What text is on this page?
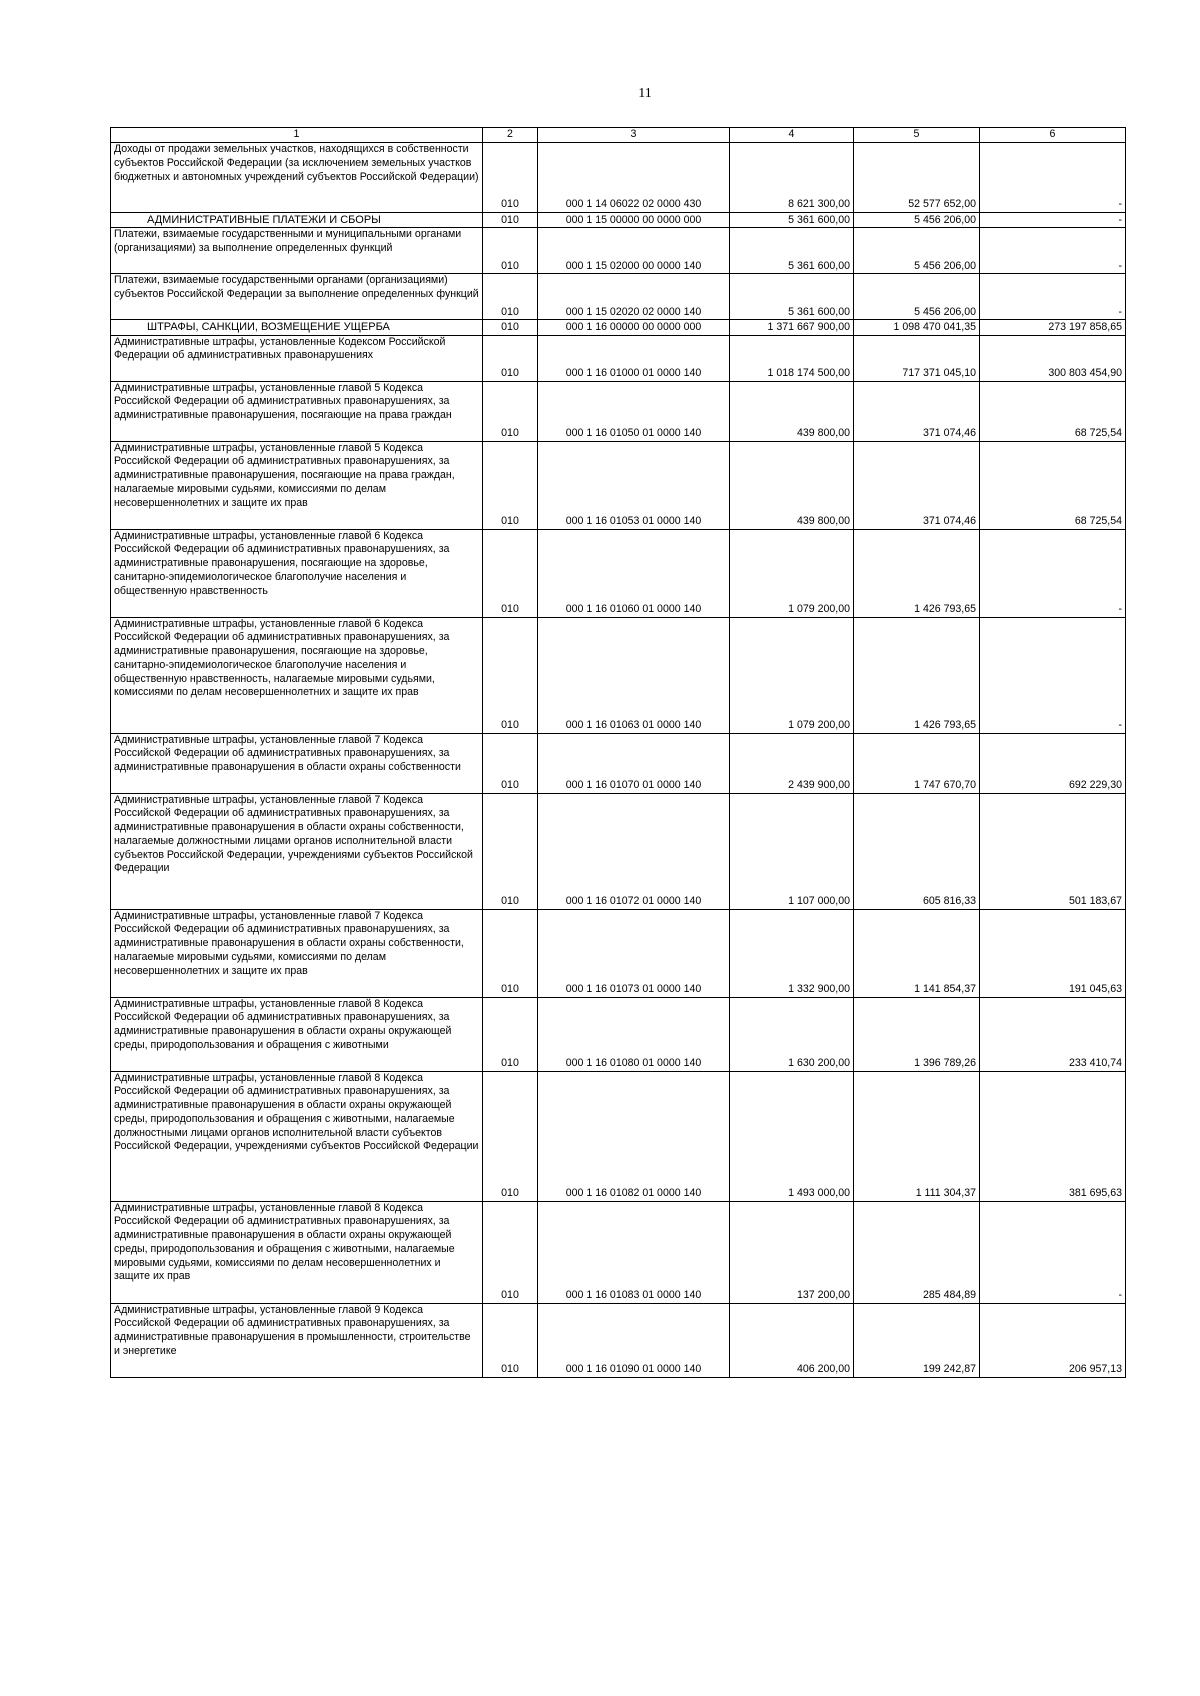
11
1	2	3	4	5	6
Доходы от продажи земельных участков, находящихся в собственности субъектов Российской Федерации (за исключением земельных участков бюджетных и автономных учреждений субъектов Российской Федерации)	010	000 1 14 06022 02 0000 430	8 621 300,00	52 577 652,00	-
АДМИНИСТРАТИВНЫЕ ПЛАТЕЖИ И СБОРЫ	010	000 1 15 00000 00 0000 000	5 361 600,00	5 456 206,00	-
Платежи, взимаемые государственными и муниципальными органами (организациями) за выполнение определенных функций	010	000 1 15 02000 00 0000 140	5 361 600,00	5 456 206,00	-
Платежи, взимаемые государственными органами (организациями) субъектов Российской Федерации за выполнение определенных функций	010	000 1 15 02020 02 0000 140	5 361 600,00	5 456 206,00	-
ШТРАФЫ, САНКЦИИ, ВОЗМЕЩЕНИЕ УЩЕРБА	010	000 1 16 00000 00 0000 000	1 371 667 900,00	1 098 470 041,35	273 197 858,65
Административные штрафы, установленные Кодексом Российской Федерации об административных правонарушениях	010	000 1 16 01000 01 0000 140	1 018 174 500,00	717 371 045,10	300 803 454,90
Административные штрафы, установленные главой 5 Кодекса Российской Федерации об административных правонарушениях, за административные правонарушения, посягающие на права граждан	010	000 1 16 01050 01 0000 140	439 800,00	371 074,46	68 725,54
Административные штрафы, установленные главой 5 Кодекса Российской Федерации об административных правонарушениях, за административные правонарушения, посягающие на права граждан, налагаемые мировыми судьями, комиссиями по делам несовершеннолетних и защите их прав	010	000 1 16 01053 01 0000 140	439 800,00	371 074,46	68 725,54
Административные штрафы, установленные главой 6 Кодекса Российской Федерации об административных правонарушениях, за административные правонарушения, посягающие на здоровье, санитарно-эпидемиологическое благополучие населения и общественную нравственность	010	000 1 16 01060 01 0000 140	1 079 200,00	1 426 793,65	-
Административные штрафы, установленные главой 6 Кодекса Российской Федерации об административных правонарушениях, за административные правонарушения, посягающие на здоровье, санитарно-эпидемиологическое благополучие населения и общественную нравственность, налагаемые мировыми судьями, комиссиями по делам несовершеннолетних и защите их прав	010	000 1 16 01063 01 0000 140	1 079 200,00	1 426 793,65	-
Административные штрафы, установленные главой 7 Кодекса Российской Федерации об административных правонарушениях, за административные правонарушения в области охраны собственности	010	000 1 16 01070 01 0000 140	2 439 900,00	1 747 670,70	692 229,30
Административные штрафы, установленные главой 7 Кодекса Российской Федерации об административных правонарушениях, за административные правонарушения в области охраны собственности, налагаемые должностными лицами органов исполнительной власти субъектов Российской Федерации, учреждениями субъектов Российской Федерации	010	000 1 16 01072 01 0000 140	1 107 000,00	605 816,33	501 183,67
Административные штрафы, установленные главой 7 Кодекса Российской Федерации об административных правонарушениях, за административные правонарушения в области охраны собственности, налагаемые мировыми судьями, комиссиями по делам несовершеннолетних и защите их прав	010	000 1 16 01073 01 0000 140	1 332 900,00	1 141 854,37	191 045,63
Административные штрафы, установленные главой 8 Кодекса Российской Федерации об административных правонарушениях, за административные правонарушения в области охраны окружающей среды, природопользования и обращения с животными	010	000 1 16 01080 01 0000 140	1 630 200,00	1 396 789,26	233 410,74
Административные штрафы, установленные главой 8 Кодекса Российской Федерации об административных правонарушениях, за административные правонарушения в области охраны окружающей среды, природопользования и обращения с животными, налагаемые должностными лицами органов исполнительной власти субъектов Российской Федерации, учреждениями субъектов Российской Федерации	010	000 1 16 01082 01 0000 140	1 493 000,00	1 111 304,37	381 695,63
Административные штрафы, установленные главой 8 Кодекса Российской Федерации об административных правонарушениях, за административные правонарушения в области охраны окружающей среды, природопользования и обращения с животными, налагаемые мировыми судьями, комиссиями по делам несовершеннолетних и защите их прав	010	000 1 16 01083 01 0000 140	137 200,00	285 484,89	-
Административные штрафы, установленные главой 9 Кодекса Российской Федерации об административных правонарушениях, за административные правонарушения в промышленности, строительстве и энергетике	010	000 1 16 01090 01 0000 140	406 200,00	199 242,87	206 957,13
